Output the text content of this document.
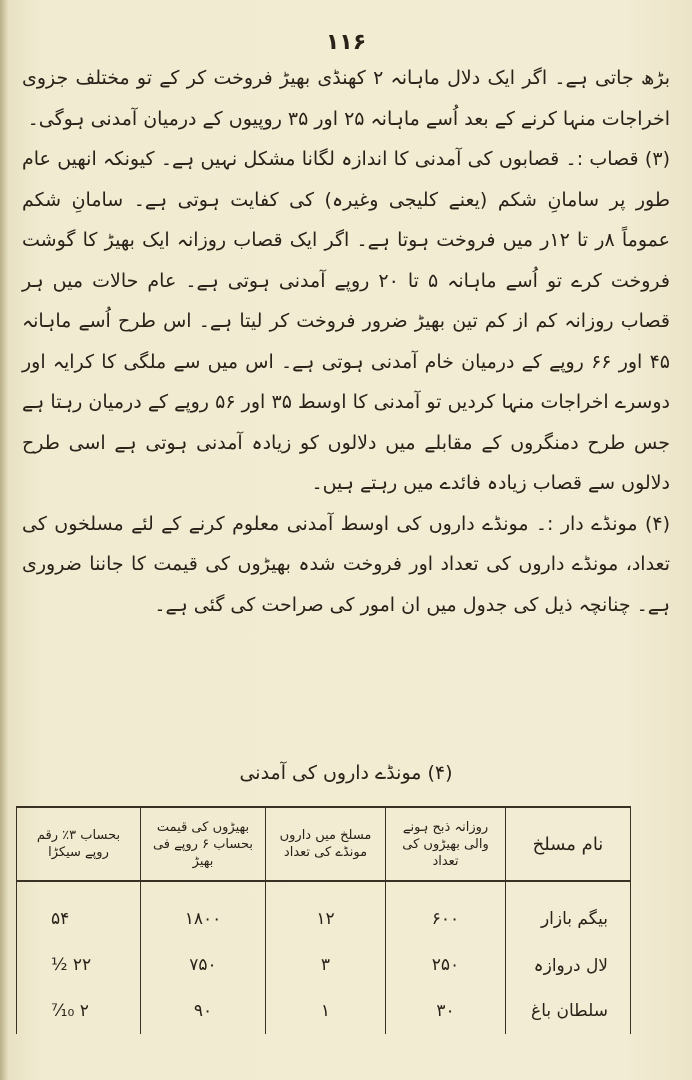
۱۱۶

بڑھ جاتی ہے۔ اگر ایک دلال ماہانہ ۲ کھنڈی بھیڑ فروخت کر کے تو مختلف جزوی اخراجات منہا کرنے کے بعد اُسے ماہانہ ۲۵ اور ۳۵ روپیوں کے درمیان آمدنی ہوگی۔

(۳) قصاب :۔ قصابوں کی آمدنی کا اندازہ لگانا مشکل نہیں ہے۔ کیونکہ انھیں عام طور پر سامانِ شکم (یعنے کلیجی وغیرہ) کی کفایت ہوتی ہے۔ سامانِ شکم عموماً ۸ر تا ۱۲ر میں فروخت ہوتا ہے۔ اگر ایک قصاب روزانہ ایک بھیڑ کا گوشت فروخت کرے تو اُسے ماہانہ ۵ تا ۲۰ روپے آمدنی ہوتی ہے۔ عام حالات میں ہر قصاب روزانہ کم از کم تین بھیڑ ضرور فروخت کر لیتا ہے۔ اس طرح اُسے ماہانہ ۴۵ اور ۶۶ روپے کے درمیان خام آمدنی ہوتی ہے۔ اس میں سے ملگی کا کرایہ اور دوسرے اخراجات منہا کردیں تو آمدنی کا اوسط ۳۵ اور ۵۶ روپے کے درمیان رہتا ہے جس طرح دمنگروں کے مقابلے میں دلالوں کو زیادہ آمدنی ہوتی ہے اسی طرح دلالوں سے قصاب زیادہ فائدے میں رہتے ہیں۔

(۴) مونڈے دار :۔ مونڈے داروں کی اوسط آمدنی معلوم کرنے کے لئے مسلخوں کی تعداد، مونڈے داروں کی تعداد اور فروخت شدہ بھیڑوں کی قیمت کا جاننا ضروری ہے۔ چنانچہ ذیل کی جدول میں ان امور کی صراحت کی گئی ہے۔

(۴) مونڈے داروں کی آمدنی
نام مسلخ	روزانہ ذبح ہونے والی بھیڑوں کی تعداد	مسلخ میں داروں مونڈے کی تعداد	بھیڑوں کی قیمت بحساب ۶ روپے فی بھیڑ	بحساب ۳٪ رقم روپے سیکڑا
بیگم بازار	۶۰۰	۱۲	۱۸۰۰	۵۴
لال دروازہ	۲۵۰	۳	۷۵۰	۲۲ ½
سلطان باغ	۳۰	۱	۹۰	۲ ⁷⁄₁₀
